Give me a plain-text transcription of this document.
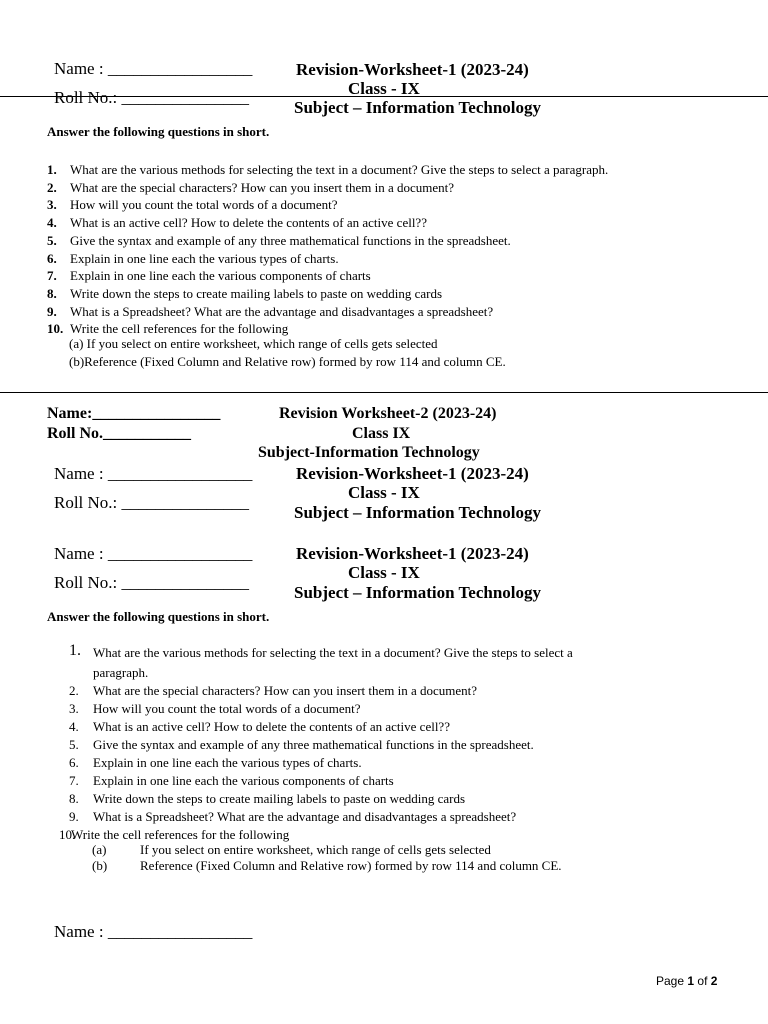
Name : _________________
Roll No.: _______________
Revision-Worksheet-1 (2023-24)
Class - IX
Subject – Information Technology
Answer the following questions in short.
1.	What are the various methods for selecting the text in a document? Give the steps to select a paragraph.
2.	What are the special characters? How can you insert them in a document?
3.	How will you count the total words of a document?
4.	What is an active cell? How to delete the contents of an active cell??
5.	Give the syntax and example of any three mathematical functions in the spreadsheet.
6.	Explain in one line each the various types of charts.
7.	Explain in one line each the various components of charts
8.	Write down the steps to create mailing labels to paste on wedding cards
9.	What is a Spreadsheet? What are the advantage and disadvantages a spreadsheet?
10. Write the cell references for the following
(a) If you select on entire worksheet, which range of cells gets selected
(b)Reference (Fixed Column and Relative row) formed by row 114 and column CE.
Name:________________
Roll No.___________
Revision Worksheet-2 (2023-24)
Class IX
Subject-Information Technology
Name : _________________
Roll No.: _______________
Revision-Worksheet-1 (2023-24)
Class - IX
Subject – Information Technology
Name : _________________
Roll No.: _______________
Revision-Worksheet-1 (2023-24)
Class - IX
Subject – Information Technology
Answer the following questions in short.
1. What are the various methods for selecting the text in a document? Give the steps to select a
paragraph.
2.	What are the special characters? How can you insert them in a document?
3.	How will you count the total words of a document?
4.	What is an active cell? How to delete the contents of an active cell??
5.	Give the syntax and example of any three mathematical functions in the spreadsheet.
6.	Explain in one line each the various types of charts.
7.	Explain in one line each the various components of charts
8.	Write down the steps to create mailing labels to paste on wedding cards
9.	What is a Spreadsheet? What are the advantage and disadvantages a spreadsheet?
10.
Write the cell references for the following
(a)	If you select on entire worksheet, which range of cells gets selected
(b)	Reference (Fixed Column and Relative row) formed by row 114 and column CE.
Name : _________________
Page 1 of 2
